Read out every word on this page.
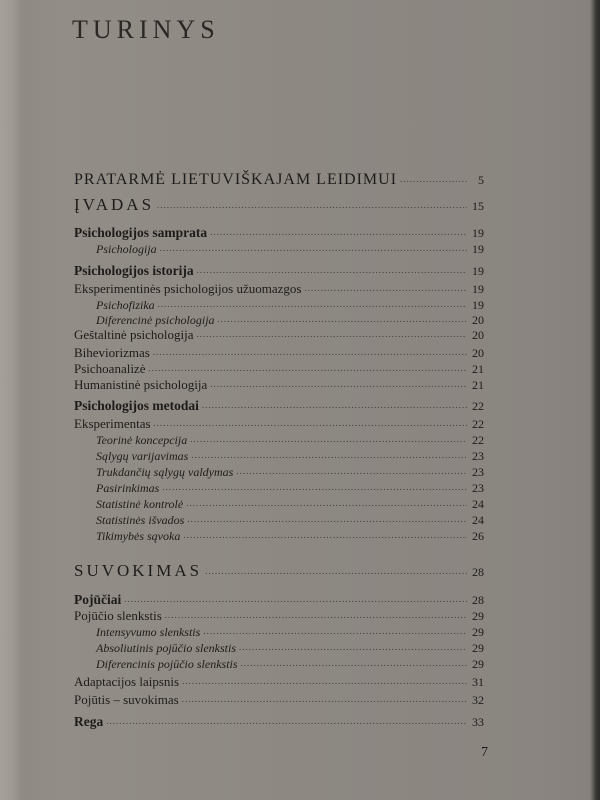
TURINYS
PRATARMĖ LIETUVIŠKAJAM LEIDIMUI .....	5
ĮVADAS .....	15
Psichologijos samprata .....	19
Psichologija .....	19
Psichologijos istorija .....	19
Eksperimentinės psichologijos užuomazgos .....	19
Psichofizika .....	19
Diferencinė psichologija .....	20
Geštaltinė psichologija .....	20
Biheviorizmas .....	20
Psichoanalizė .....	21
Humanistinė psichologija .....	21
Psichologijos metodai .....	22
Eksperimentas .....	22
Teorinė koncepcija .....	22
Sąlygų varijavimas .....	23
Trukdančių sąlygų valdymas .....	23
Pasirinkimas .....	23
Statistinė kontrolė .....	24
Statistinės išvados .....	24
Tikimybės sąvoka .....	26
SUVOKIMAS .....	28
Pojūčiai .....	28
Pojūčio slenkstis .....	29
Intensyvumo slenkstis .....	29
Absoliutinis pojūčio slenkstis .....	29
Diferencinis pojūčio slenkstis .....	29
Adaptacijos laipsnis .....	31
Pojūtis – suvokimas .....	32
Rega .....	33
7
